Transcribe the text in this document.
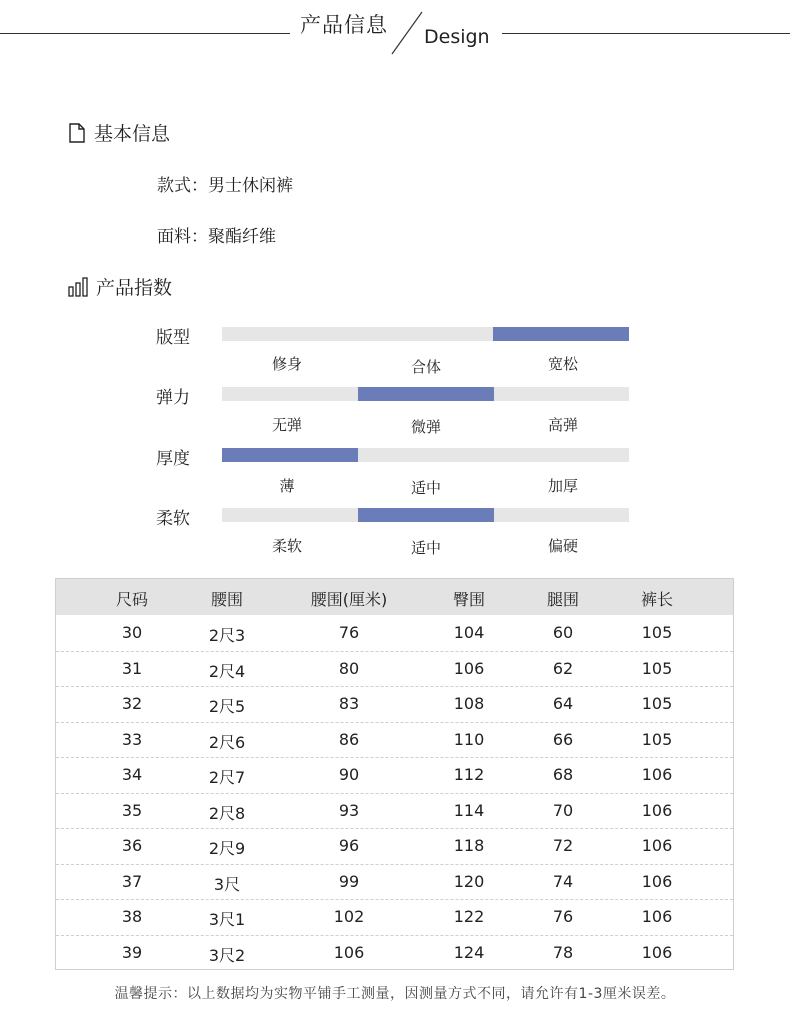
产品信息 Design
基本信息
款式：男士休闲裤
面料：聚酯纤维
产品指数
版型
修身	合体	宽松
弹力
无弹	微弹	高弹
厚度
薄	适中	加厚
柔软
柔软	适中	偏硬
尺码	腰围	腰围(厘米)	臀围	腿围	裤长
30	2尺3	76	104	60	105
31	2尺4	80	106	62	105
32	2尺5	83	108	64	105
33	2尺6	86	110	66	105
34	2尺7	90	112	68	106
35	2尺8	93	114	70	106
36	2尺9	96	118	72	106
37	3尺	99	120	74	106
38	3尺1	102	122	76	106
39	3尺2	106	124	78	106
温馨提示：以上数据均为实物平铺手工测量，因测量方式不同，请允许有1-3厘米误差。
